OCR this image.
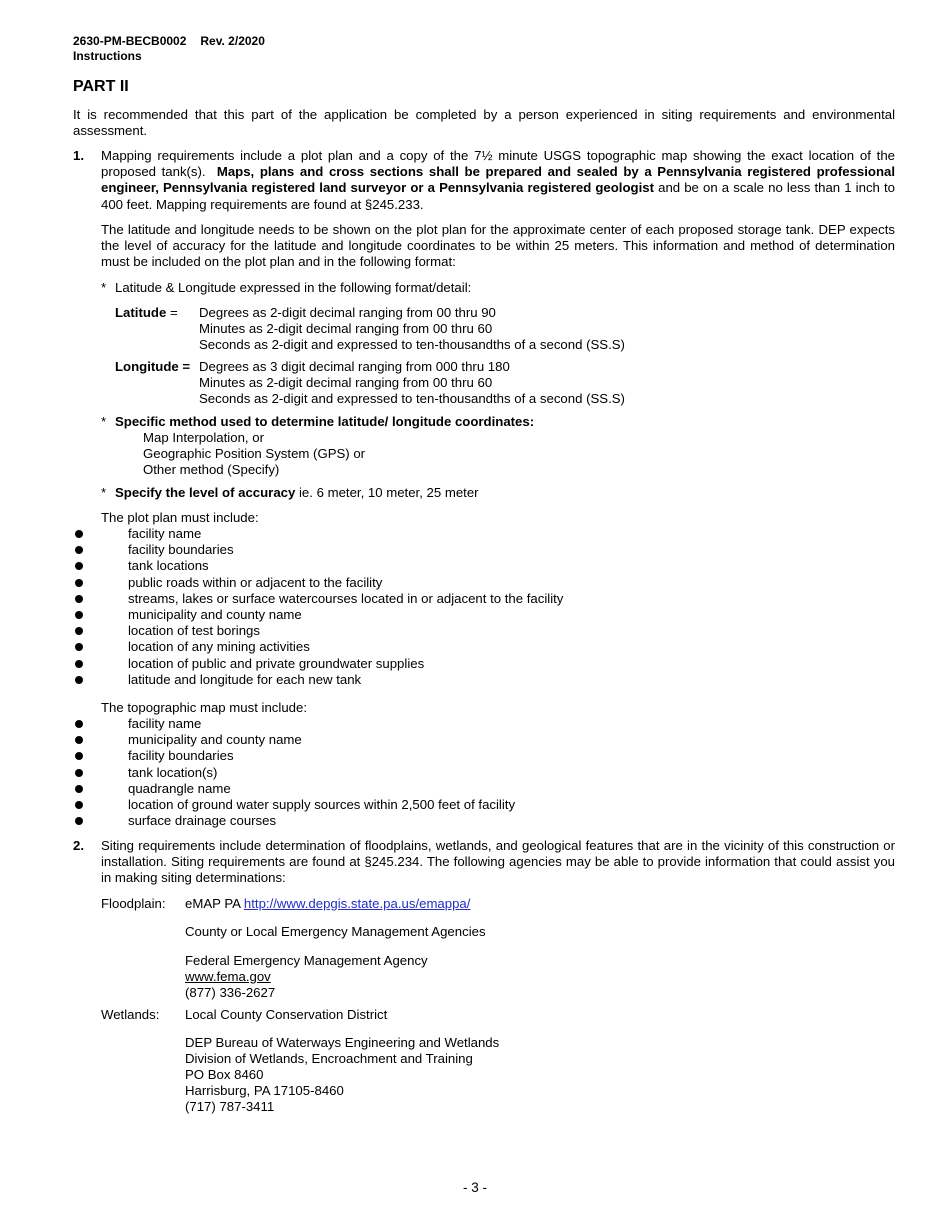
2630-PM-BECB0002 Rev. 2/2020
Instructions
PART II
It is recommended that this part of the application be completed by a person experienced in siting requirements and environmental assessment.
1. Mapping requirements include a plot plan and a copy of the 7½ minute USGS topographic map showing the exact location of the proposed tank(s). Maps, plans and cross sections shall be prepared and sealed by a Pennsylvania registered professional engineer, Pennsylvania registered land surveyor or a Pennsylvania registered geologist and be on a scale no less than 1 inch to 400 feet. Mapping requirements are found at §245.233.
The latitude and longitude needs to be shown on the plot plan for the approximate center of each proposed storage tank. DEP expects the level of accuracy for the latitude and longitude coordinates to be within 25 meters. This information and method of determination must be included on the plot plan and in the following format:
* Latitude & Longitude expressed in the following format/detail:
Latitude = Degrees as 2-digit decimal ranging from 00 thru 90
Minutes as 2-digit decimal ranging from 00 thru 60
Seconds as 2-digit and expressed to ten-thousandths of a second (SS.S)
Longitude = Degrees as 3 digit decimal ranging from 000 thru 180
Minutes as 2-digit decimal ranging from 00 thru 60
Seconds as 2-digit and expressed to ten-thousandths of a second (SS.S)
* Specific method used to determine latitude/ longitude coordinates:
Map Interpolation, or
Geographic Position System (GPS) or
Other method (Specify)
* Specify the level of accuracy ie. 6 meter, 10 meter, 25 meter
The plot plan must include:
facility name
facility boundaries
tank locations
public roads within or adjacent to the facility
streams, lakes or surface watercourses located in or adjacent to the facility
municipality and county name
location of test borings
location of any mining activities
location of public and private groundwater supplies
latitude and longitude for each new tank
The topographic map must include:
facility name
municipality and county name
facility boundaries
tank location(s)
quadrangle name
location of ground water supply sources within 2,500 feet of facility
surface drainage courses
2. Siting requirements include determination of floodplains, wetlands, and geological features that are in the vicinity of this construction or installation. Siting requirements are found at §245.234. The following agencies may be able to provide information that could assist you in making siting determinations:
Floodplain: eMAP PA http://www.depgis.state.pa.us/emappa/
County or Local Emergency Management Agencies
Federal Emergency Management Agency
www.fema.gov
(877) 336-2627
Wetlands: Local County Conservation District
DEP Bureau of Waterways Engineering and Wetlands
Division of Wetlands, Encroachment and Training
PO Box 8460
Harrisburg, PA 17105-8460
(717) 787-3411
- 3 -
